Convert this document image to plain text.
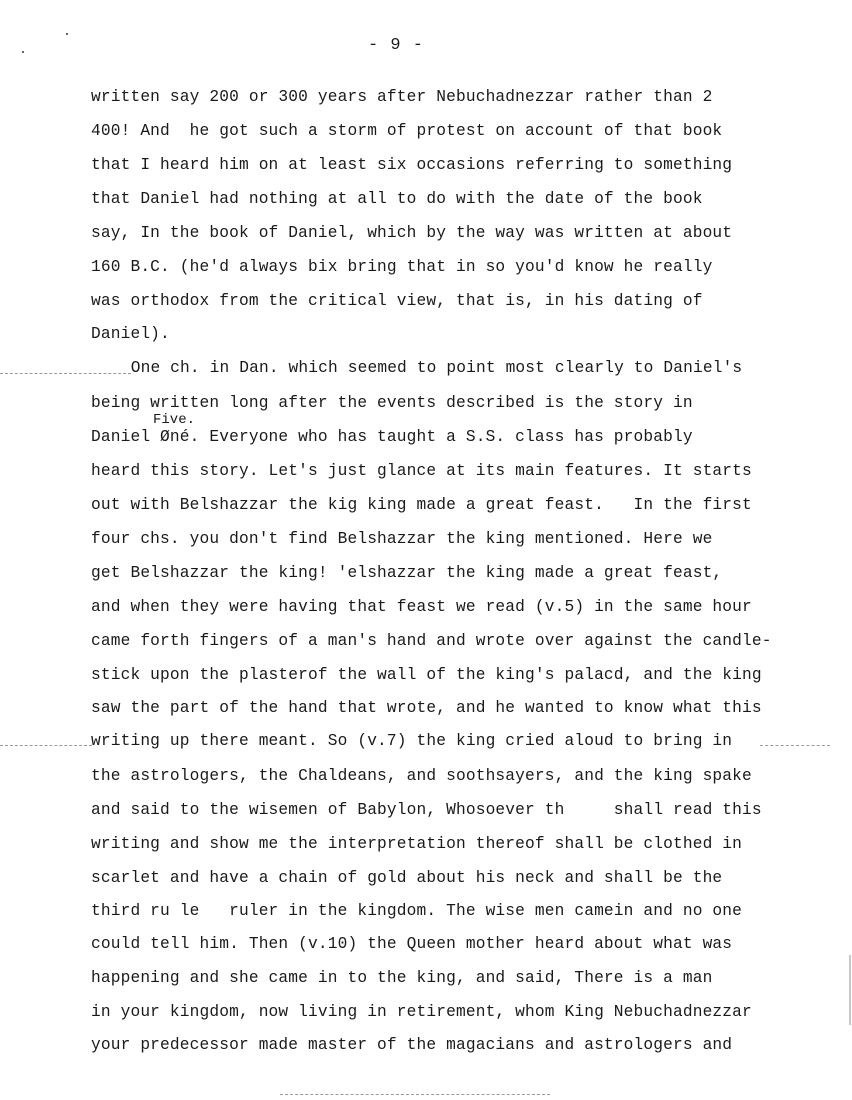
- 9 -
Five.
written say 200 or 300 years after Nebuchadnezzar rather than 2
400! And  he got such a storm of protest on account of that book
that I heard him on at least six occasions referring to something
that Daniel had nothing at all to do with the date of the book
say, In the book of Daniel, which by the way was written at about
160 B.C. (he'd always bix bring that in so you'd know he really
was orthodox from the critical view, that is, in his dating of
Daniel).
One ch. in Dan. which seemed to point most clearly to Daniel's
being written long after the events described is the story in
Daniel Øné. Everyone who has taught a S.S. class has probably
heard this story. Let's just glance at its main features. It starts
out with Belshazzar the kig king made a great feast.   In the first
four chs. you don't find Belshazzar the king mentioned. Here we
get Belshazzar the king! 'elshazzar the king made a great feast,
and when they were having that feast we read (v.5) in the same hour
came forth fingers of a man's hand and wrote over against the candle-
stick upon the plasterof the wall of the king's palacd, and the king
saw the part of the hand that wrote, and he wanted to know what this
writing up there meant. So (v.7) the king cried aloud to bring in
the astrologers, the Chaldeans, and soothsayers, and the king spake
and said to the wisemen of Babylon, Whosoever th     shall read this
writing and show me the interpretation thereof shall be clothed in
scarlet and have a chain of gold about his neck and shall be the
third ru le   ruler in the kingdom. The wise men camein and no one
could tell him. Then (v.10) the Queen mother heard about what was
happening and she came in to the king, and said, There is a man
in your kingdom, now living in retirement, whom King Nebuchadnezzar
your predecessor made master of the magacians and astrologers and
